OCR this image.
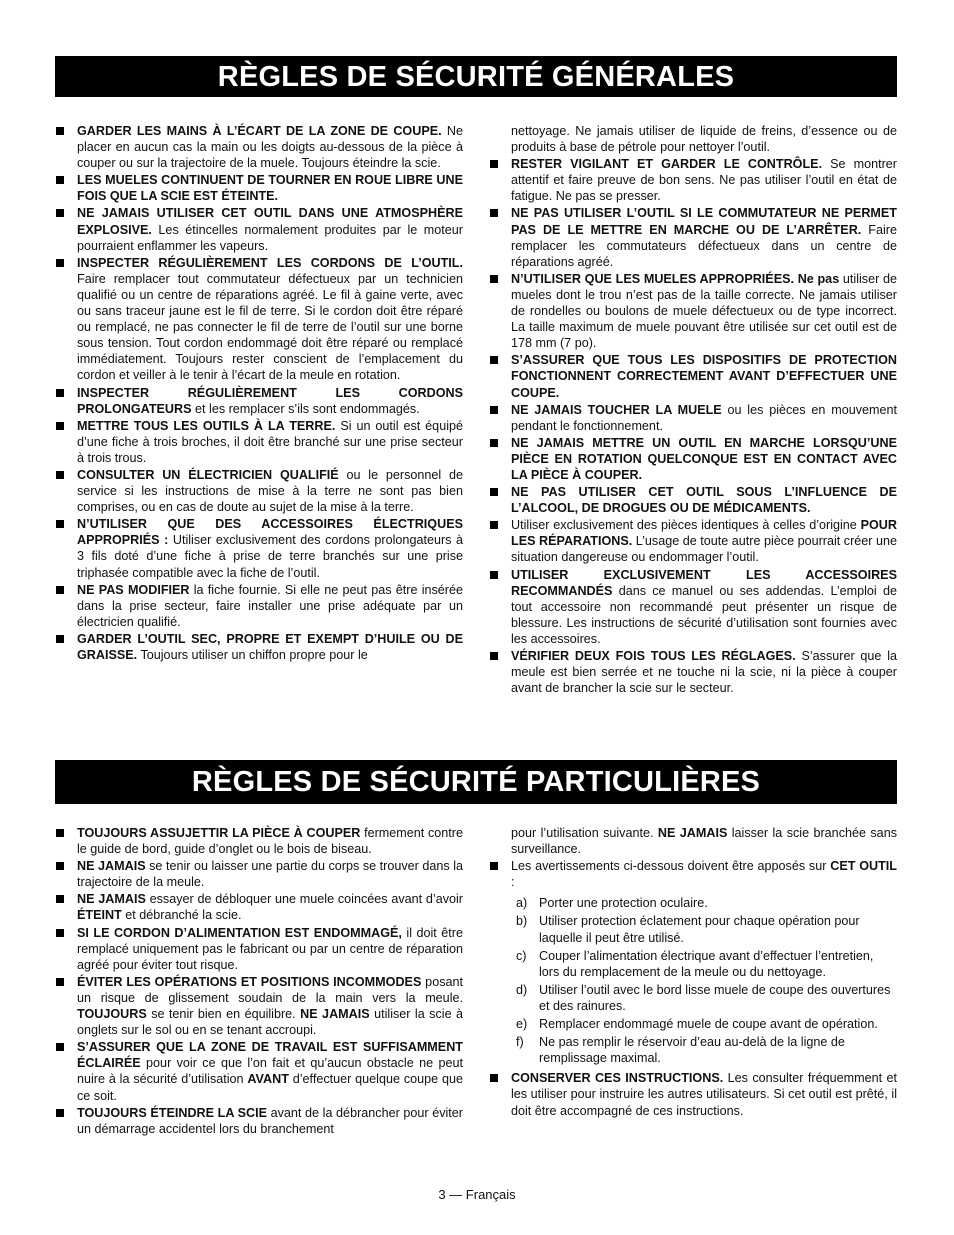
RÈGLES DE SÉCURITÉ GÉNÉRALES
GARDER LES MAINS À L’ÉCART DE LA ZONE DE COUPE. Ne placer en aucun cas la main ou les doigts au-dessous de la pièce à couper ou sur la trajectoire de la muele. Toujours éteindre la scie.
LES MUELES CONTINUENT DE TOURNER EN ROUE LIBRE UNE FOIS QUE LA SCIE EST ÉTEINTE.
NE JAMAIS UTILISER CET OUTIL DANS UNE ATMOSPHÈRE EXPLOSIVE. Les étincelles normalement produites par le moteur pourraient enflammer les vapeurs.
INSPECTER RÉGULIÈREMENT LES CORDONS DE L’OUTIL. Faire remplacer tout commutateur défectueux par un technicien qualifié ou un centre de réparations agréé. Le fil à gaine verte, avec ou sans traceur jaune est le fil de terre. Si le cordon doit être réparé ou remplacé, ne pas connecter le fil de terre de l’outil sur une borne sous tension. Tout cordon endommagé doit être réparé ou remplacé immédiatement. Toujours rester conscient de l’emplacement du cordon et veiller à le tenir à l’écart de la meule en rotation.
INSPECTER RÉGULIÈREMENT LES CORDONS PROLONGATEURS et les remplacer s’ils sont endommagés.
METTRE TOUS LES OUTILS À LA TERRE. Si un outil est équipé d’une fiche à trois broches, il doit être branché sur une prise secteur à trois trous.
CONSULTER UN ÉLECTRICIEN QUALIFIÉ ou le personnel de service si les instructions de mise à la terre ne sont pas bien comprises, ou en cas de doute au sujet de la mise à la terre.
N’UTILISER QUE DES ACCESSOIRES ÉLECTRIQUES APPROPRIÉS : Utiliser exclusivement des cordons prolongateurs à 3 fils doté d’une fiche à prise de terre branchés sur une prise triphasée compatible avec la fiche de l’outil.
NE PAS MODIFIER la fiche fournie. Si elle ne peut pas être insérée dans la prise secteur, faire installer une prise adéquate par un électricien qualifié.
GARDER L’OUTIL SEC, PROPRE ET EXEMPT D’HUILE OU DE GRAISSE. Toujours utiliser un chiffon propre pour le
nettoyage. Ne jamais utiliser de liquide de freins, d’essence ou de produits à base de pétrole pour nettoyer l’outil.
RESTER VIGILANT ET GARDER LE CONTRÔLE. Se montrer attentif et faire preuve de bon sens. Ne pas utiliser l’outil en état de fatigue. Ne pas se presser.
NE PAS UTILISER L’OUTIL SI LE COMMUTATEUR NE PERMET PAS DE LE METTRE EN MARCHE OU DE L’ARRÊTER. Faire remplacer les commutateurs défectueux dans un centre de réparations agréé.
N’UTILISER QUE LES MUELES APPROPRIÉES. Ne pas utiliser de mueles dont le trou n’est pas de la taille correcte. Ne jamais utiliser de rondelles ou boulons de muele défectueux ou de type incorrect. La taille maximum de muele pouvant être utilisée sur cet outil est de 178 mm (7 po).
S’ASSURER QUE TOUS LES DISPOSITIFS DE PROTECTION FONCTIONNENT CORRECTEMENT AVANT D’EFFECTUER UNE COUPE.
NE JAMAIS TOUCHER LA MUELE ou les pièces en mouvement pendant le fonctionnement.
NE JAMAIS METTRE UN OUTIL EN MARCHE LORSQU’UNE PIÈCE EN ROTATION QUELCONQUE EST EN CONTACT AVEC LA PIÈCE À COUPER.
NE PAS UTILISER CET OUTIL SOUS L’INFLUENCE DE L’ALCOOL, DE DROGUES OU DE MÉDICAMENTS.
Utiliser exclusivement des pièces identiques à celles d’origine POUR LES RÉPARATIONS. L’usage de toute autre pièce pourrait créer une situation dangereuse ou endommager l’outil.
UTILISER EXCLUSIVEMENT LES ACCESSOIRES RECOMMANDÉS dans ce manuel ou ses addendas. L’emploi de tout accessoire non recommandé peut présenter un risque de blessure. Les instructions de sécurité d’utilisation sont fournies avec les accessoires.
VÉRIFIER DEUX FOIS TOUS LES RÉGLAGES. S’assurer que la meule est bien serrée et ne touche ni la scie, ni la pièce à couper avant de brancher la scie sur le secteur.
RÈGLES DE SÉCURITÉ PARTICULIÈRES
TOUJOURS ASSUJETTIR LA PIÈCE À COUPER fermement contre le guide de bord, guide d’onglet ou le bois de biseau.
NE JAMAIS se tenir ou laisser une partie du corps se trouver dans la trajectoire de la meule.
NE JAMAIS essayer de débloquer une muele coincées avant d’avoir ÉTEINT et débranché la scie.
SI LE CORDON D’ALIMENTATION EST ENDOMMAGÉ, il doit être remplacé uniquement pas le fabricant ou par un centre de réparation agréé pour éviter tout risque.
ÉVITER LES OPÉRATIONS ET POSITIONS INCOMMODES posant un risque de glissement soudain de la main vers la meule. TOUJOURS se tenir bien en équilibre. NE JAMAIS utiliser la scie à onglets sur le sol ou en se tenant accroupi.
S’ASSURER QUE LA ZONE DE TRAVAIL EST SUFFISAMMENT ÉCLAIRÉE pour voir ce que l’on fait et qu’aucun obstacle ne peut nuire à la sécurité d’utilisation AVANT d’effectuer quelque coupe que ce soit.
TOUJOURS ÉTEINDRE LA SCIE avant de la débrancher pour éviter un démarrage accidentel lors du branchement
pour l’utilisation suivante. NE JAMAIS laisser la scie branchée sans surveillance.
Les avertissements ci-dessous doivent être apposés sur CET OUTIL :
a) Porter une protection oculaire.
b) Utiliser protection éclatement pour chaque opération pour laquelle il peut être utilisé.
c) Couper l’alimentation électrique avant d’effectuer l’entretien, lors du remplacement de la meule ou du nettoyage.
d) Utiliser l’outil avec le bord lisse muele de coupe des ouvertures et des rainures.
e) Remplacer endommagé muele de coupe avant de opération.
f) Ne pas remplir le réservoir d’eau au-delà de la ligne de remplissage maximal.
CONSERVER CES INSTRUCTIONS. Les consulter fréquemment et les utiliser pour instruire les autres utilisateurs. Si cet outil est prêté, il doit être accompagné de ces instructions.
3 — Français
